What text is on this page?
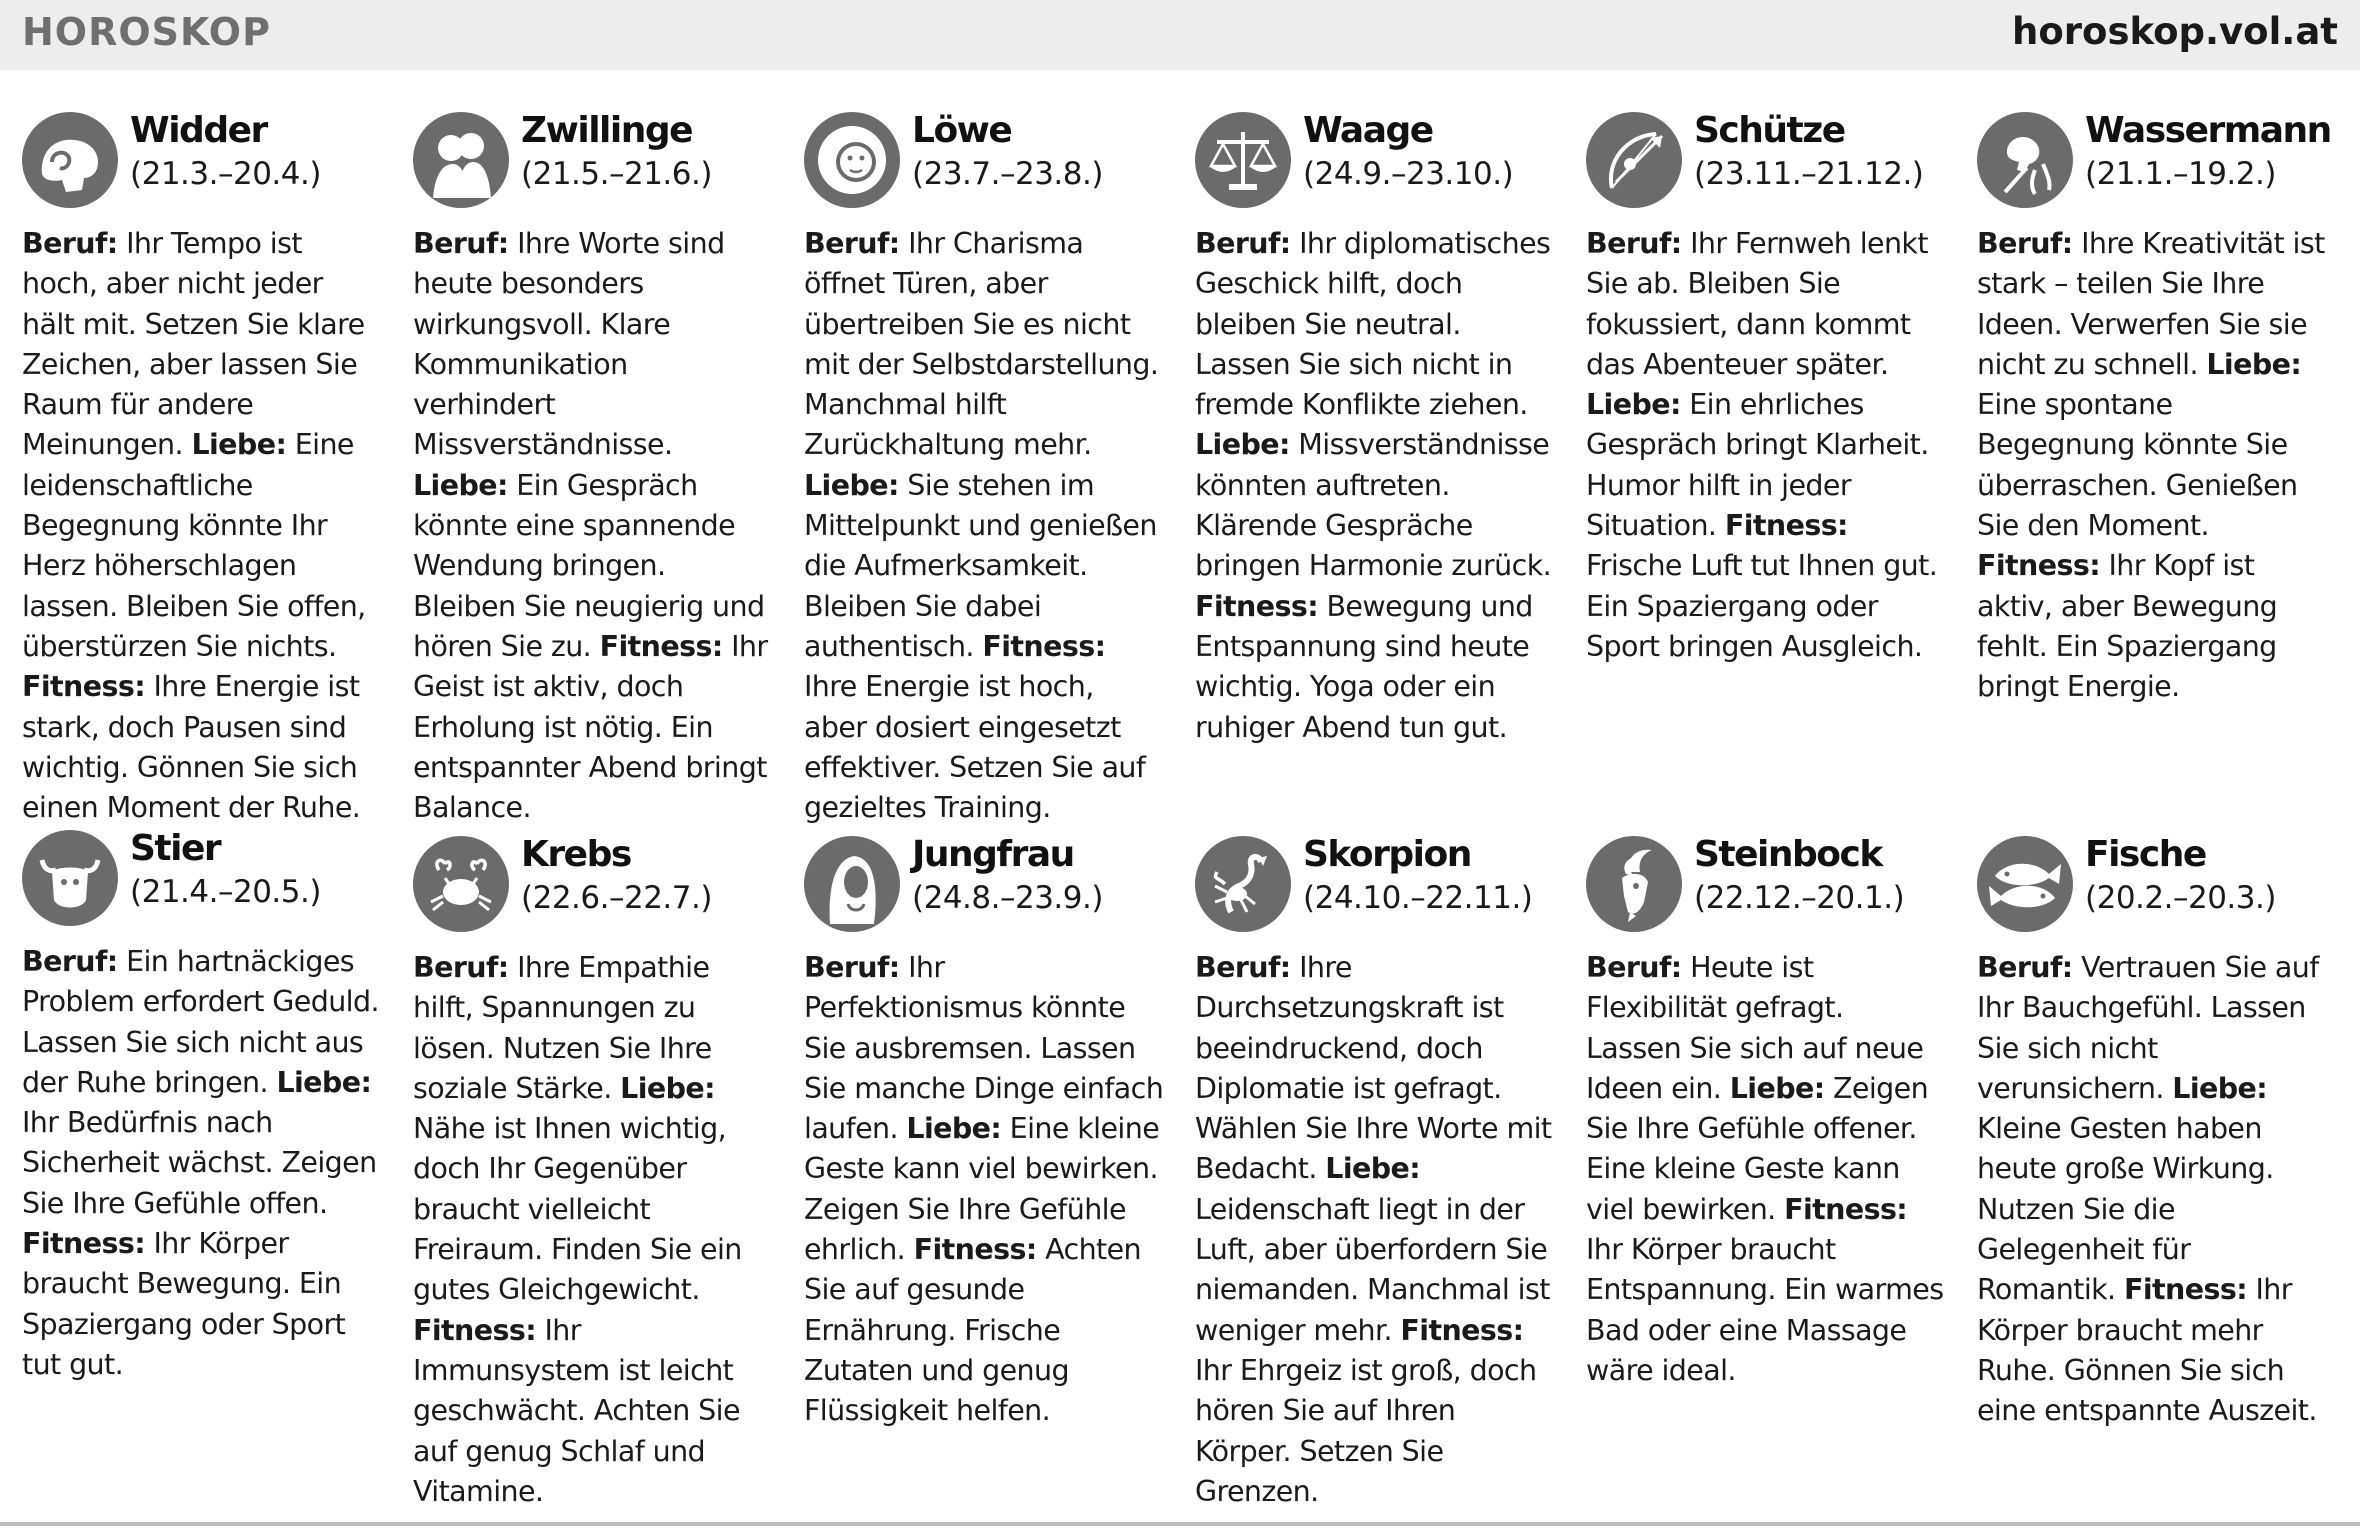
HOROSKOP	horoskop.vol.at
Widder
(21.3.–20.4.)
Beruf: Ihr Tempo ist hoch, aber nicht jeder hält mit. Setzen Sie klare Zeichen, aber lassen Sie Raum für andere Meinungen. Liebe: Eine leidenschaftliche Begegnung könnte Ihr Herz höherschlagen lassen. Bleiben Sie offen, überstürzen Sie nichts. Fitness: Ihre Energie ist stark, doch Pausen sind wichtig. Gönnen Sie sich einen Moment der Ruhe.
Zwillinge
(21.5.–21.6.)
Beruf: Ihre Worte sind heute besonders wirkungsvoll. Klare Kommunikation verhindert Missverständnisse. Liebe: Ein Gespräch könnte eine spannende Wendung bringen. Bleiben Sie neugierig und hören Sie zu. Fitness: Ihr Geist ist aktiv, doch Erholung ist nötig. Ein entspannter Abend bringt Balance.
Löwe
(23.7.–23.8.)
Beruf: Ihr Charisma öffnet Türen, aber übertreiben Sie es nicht mit der Selbstdarstellung. Manchmal hilft Zurückhaltung mehr. Liebe: Sie stehen im Mittelpunkt und genießen die Aufmerksamkeit. Bleiben Sie dabei authentisch. Fitness: Ihre Energie ist hoch, aber dosiert eingesetzt effektiver. Setzen Sie auf gezieltes Training.
Waage
(24.9.–23.10.)
Beruf: Ihr diplomatisches Geschick hilft, doch bleiben Sie neutral. Lassen Sie sich nicht in fremde Konflikte ziehen. Liebe: Missverständnisse könnten auftreten. Klärende Gespräche bringen Harmonie zurück. Fitness: Bewegung und Entspannung sind heute wichtig. Yoga oder ein ruhiger Abend tun gut.
Schütze
(23.11.–21.12.)
Beruf: Ihr Fernweh lenkt Sie ab. Bleiben Sie fokussiert, dann kommt das Abenteuer später. Liebe: Ein ehrliches Gespräch bringt Klarheit. Humor hilft in jeder Situation. Fitness: Frische Luft tut Ihnen gut. Ein Spaziergang oder Sport bringen Ausgleich.
Wassermann
(21.1.–19.2.)
Beruf: Ihre Kreativität ist stark – teilen Sie Ihre Ideen. Verwerfen Sie sie nicht zu schnell. Liebe: Eine spontane Begegnung könnte Sie überraschen. Genießen Sie den Moment. Fitness: Ihr Kopf ist aktiv, aber Bewegung fehlt. Ein Spaziergang bringt Energie.
Stier
(21.4.–20.5.)
Beruf: Ein hartnäckiges Problem erfordert Geduld. Lassen Sie sich nicht aus der Ruhe bringen. Liebe: Ihr Bedürfnis nach Sicherheit wächst. Zeigen Sie Ihre Gefühle offen. Fitness: Ihr Körper braucht Bewegung. Ein Spaziergang oder Sport tut gut.
Krebs
(22.6.–22.7.)
Beruf: Ihre Empathie hilft, Spannungen zu lösen. Nutzen Sie Ihre soziale Stärke. Liebe: Nähe ist Ihnen wichtig, doch Ihr Gegenüber braucht vielleicht Freiraum. Finden Sie ein gutes Gleichgewicht. Fitness: Ihr Immunsystem ist leicht geschwächt. Achten Sie auf genug Schlaf und Vitamine.
Jungfrau
(24.8.–23.9.)
Beruf: Ihr Perfektionismus könnte Sie ausbremsen. Lassen Sie manche Dinge einfach laufen. Liebe: Eine kleine Geste kann viel bewirken. Zeigen Sie Ihre Gefühle ehrlich. Fitness: Achten Sie auf gesunde Ernährung. Frische Zutaten und genug Flüssigkeit helfen.
Skorpion
(24.10.–22.11.)
Beruf: Ihre Durchsetzungskraft ist beeindruckend, doch Diplomatie ist gefragt. Wählen Sie Ihre Worte mit Bedacht. Liebe: Leidenschaft liegt in der Luft, aber überfordern Sie niemanden. Manchmal ist weniger mehr. Fitness: Ihr Ehrgeiz ist groß, doch hören Sie auf Ihren Körper. Setzen Sie Grenzen.
Steinbock
(22.12.–20.1.)
Beruf: Heute ist Flexibilität gefragt. Lassen Sie sich auf neue Ideen ein. Liebe: Zeigen Sie Ihre Gefühle offener. Eine kleine Geste kann viel bewirken. Fitness: Ihr Körper braucht Entspannung. Ein warmes Bad oder eine Massage wäre ideal.
Fische
(20.2.–20.3.)
Beruf: Vertrauen Sie auf Ihr Bauchgefühl. Lassen Sie sich nicht verunsichern. Liebe: Kleine Gesten haben heute große Wirkung. Nutzen Sie die Gelegenheit für Romantik. Fitness: Ihr Körper braucht mehr Ruhe. Gönnen Sie sich eine entspannte Auszeit.
